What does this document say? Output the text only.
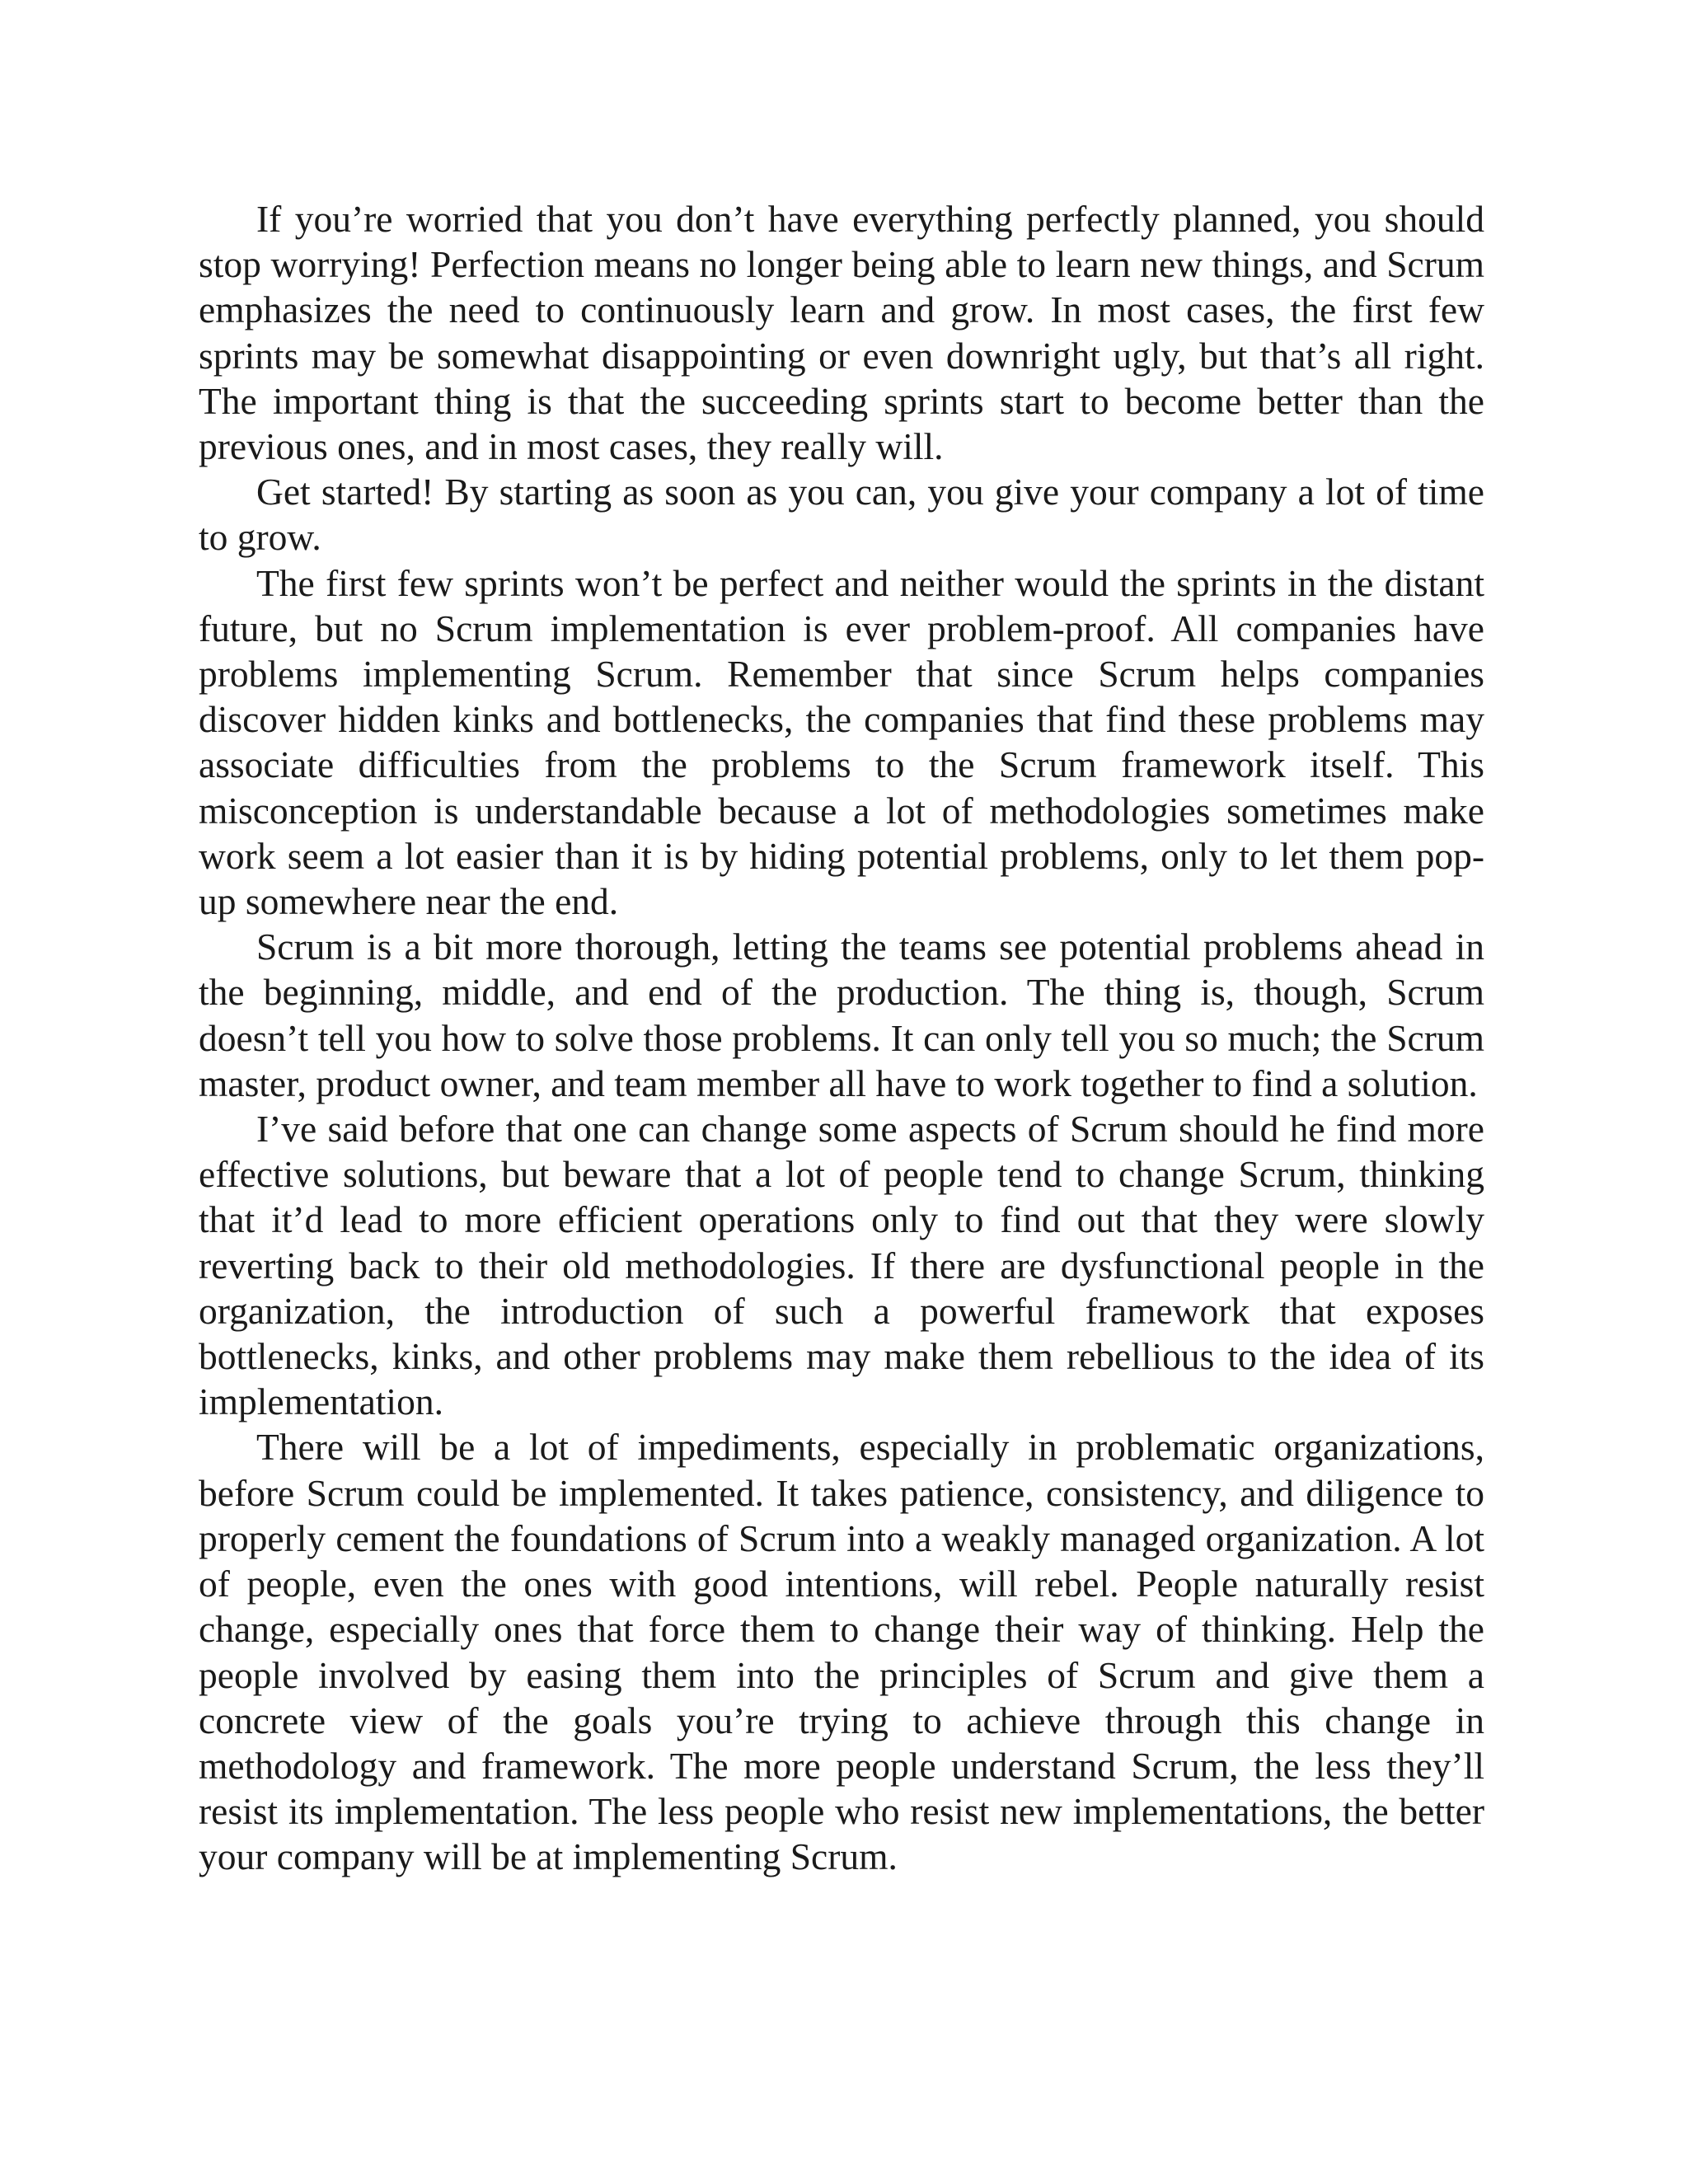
If you’re worried that you don’t have everything perfectly planned, you should stop worrying! Perfection means no longer being able to learn new things, and Scrum emphasizes the need to continuously learn and grow. In most cases, the first few sprints may be somewhat disappointing or even downright ugly, but that’s all right. The important thing is that the succeeding sprints start to become better than the previous ones, and in most cases, they really will.

Get started! By starting as soon as you can, you give your company a lot of time to grow.

The first few sprints won’t be perfect and neither would the sprints in the distant future, but no Scrum implementation is ever problem-proof. All companies have problems implementing Scrum. Remember that since Scrum helps companies discover hidden kinks and bottlenecks, the companies that find these problems may associate difficulties from the problems to the Scrum framework itself. This misconception is understandable because a lot of methodologies sometimes make work seem a lot easier than it is by hiding potential problems, only to let them pop-up somewhere near the end.

Scrum is a bit more thorough, letting the teams see potential problems ahead in the beginning, middle, and end of the production. The thing is, though, Scrum doesn’t tell you how to solve those problems. It can only tell you so much; the Scrum master, product owner, and team member all have to work together to find a solution.

I’ve said before that one can change some aspects of Scrum should he find more effective solutions, but beware that a lot of people tend to change Scrum, thinking that it’d lead to more efficient operations only to find out that they were slowly reverting back to their old methodologies. If there are dysfunctional people in the organization, the introduction of such a powerful framework that exposes bottlenecks, kinks, and other problems may make them rebellious to the idea of its implementation.

There will be a lot of impediments, especially in problematic organizations, before Scrum could be implemented. It takes patience, consistency, and diligence to properly cement the foundations of Scrum into a weakly managed organization. A lot of people, even the ones with good intentions, will rebel. People naturally resist change, especially ones that force them to change their way of thinking. Help the people involved by easing them into the principles of Scrum and give them a concrete view of the goals you’re trying to achieve through this change in methodology and framework. The more people understand Scrum, the less they’ll resist its implementation. The less people who resist new implementations, the better your company will be at implementing Scrum.
